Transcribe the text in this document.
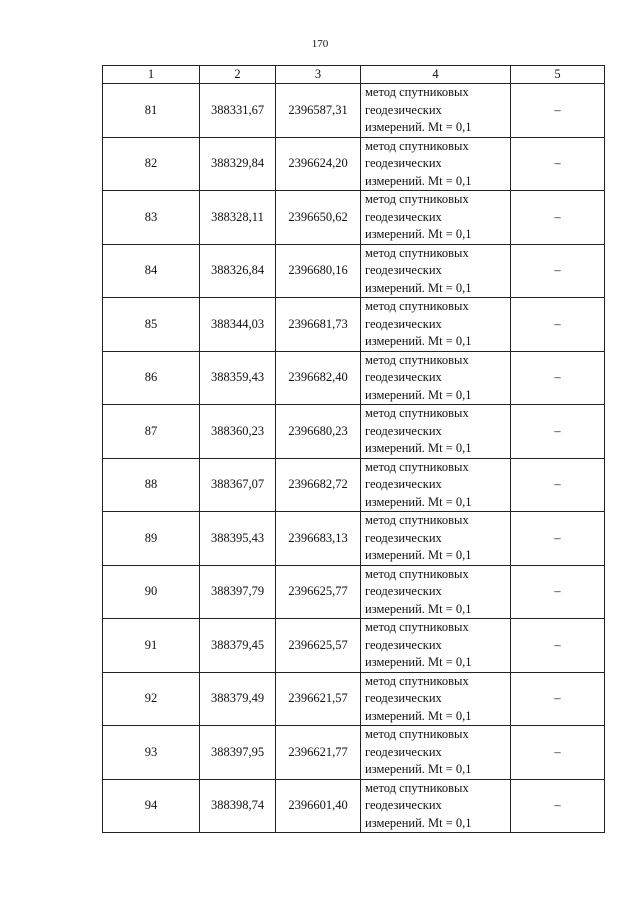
170
1	2	3	4	5
81	388331,67	2396587,31	метод спутниковых
геодезических
измерений. Mt = 0,1	–
82	388329,84	2396624,20	метод спутниковых
геодезических
измерений. Mt = 0,1	–
83	388328,11	2396650,62	метод спутниковых
геодезических
измерений. Mt = 0,1	–
84	388326,84	2396680,16	метод спутниковых
геодезических
измерений. Mt = 0,1	–
85	388344,03	2396681,73	метод спутниковых
геодезических
измерений. Mt = 0,1	–
86	388359,43	2396682,40	метод спутниковых
геодезических
измерений. Mt = 0,1	–
87	388360,23	2396680,23	метод спутниковых
геодезических
измерений. Mt = 0,1	–
88	388367,07	2396682,72	метод спутниковых
геодезических
измерений. Mt = 0,1	–
89	388395,43	2396683,13	метод спутниковых
геодезических
измерений. Mt = 0,1	–
90	388397,79	2396625,77	метод спутниковых
геодезических
измерений. Mt = 0,1	–
91	388379,45	2396625,57	метод спутниковых
геодезических
измерений. Mt = 0,1	–
92	388379,49	2396621,57	метод спутниковых
геодезических
измерений. Mt = 0,1	–
93	388397,95	2396621,77	метод спутниковых
геодезических
измерений. Mt = 0,1	–
94	388398,74	2396601,40	метод спутниковых
геодезических
измерений. Mt = 0,1	–
